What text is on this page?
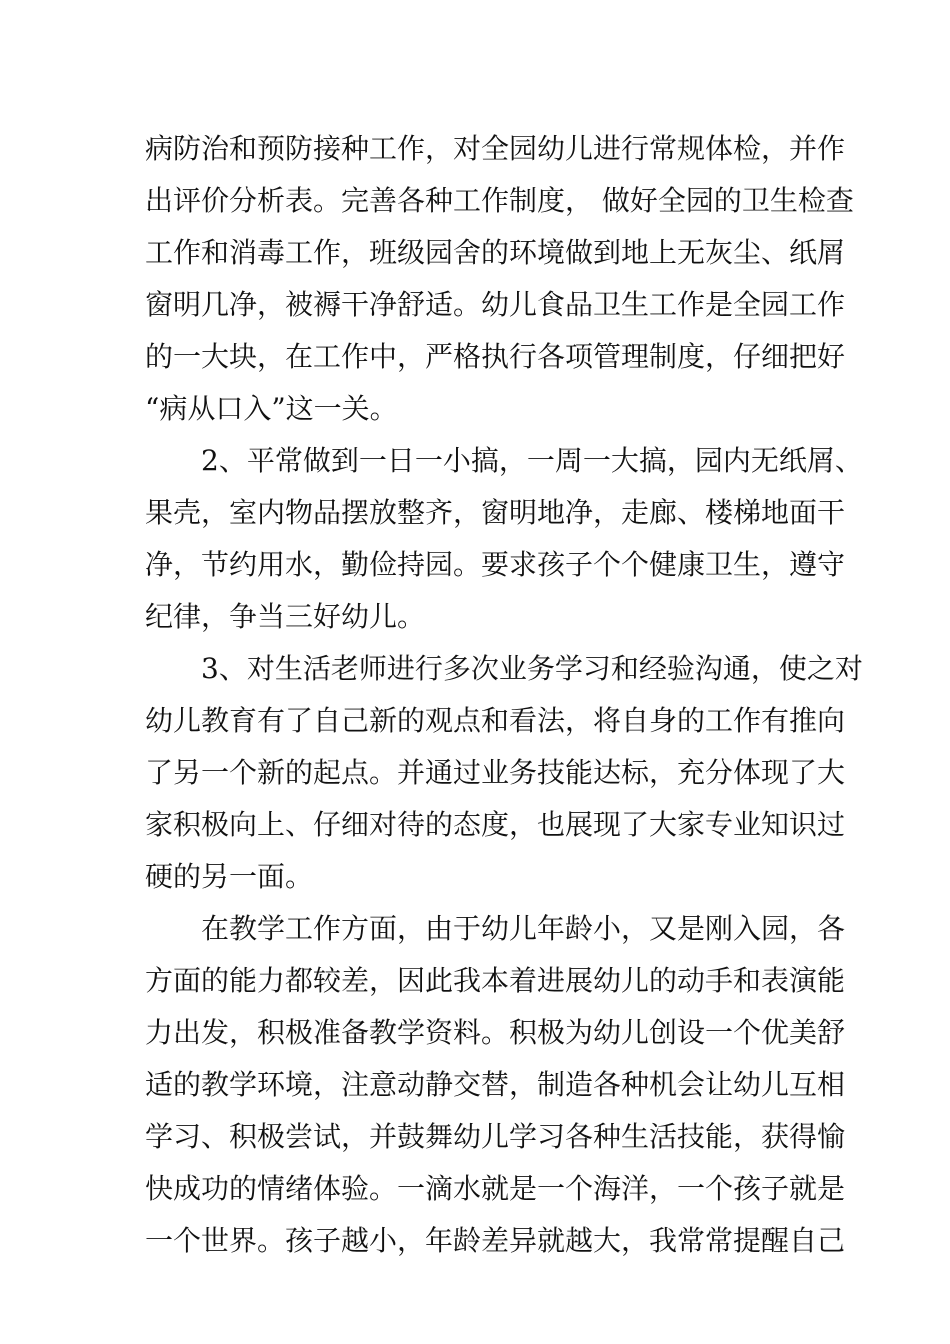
病防治和预防接种工作，对全园幼儿进行常规体检，并作
出评价分析表。完善各种工作制度， 做好全园的卫生检查
工作和消毒工作，班级园舍的环境做到地上无灰尘、纸屑
窗明几净，被褥干净舒适。幼儿食品卫生工作是全园工作
的一大块，在工作中，严格执行各项管理制度，仔细把好
“病从口入”这一关。
2、平常做到一日一小搞，一周一大搞，园内无纸屑、
果壳，室内物品摆放整齐，窗明地净，走廊、楼梯地面干
净，节约用水，勤俭持园。要求孩子个个健康卫生，遵守
纪律，争当三好幼儿。
3、对生活老师进行多次业务学习和经验沟通，使之对
幼儿教育有了自己新的观点和看法，将自身的工作有推向
了另一个新的起点。并通过业务技能达标，充分体现了大
家积极向上、仔细对待的态度，也展现了大家专业知识过
硬的另一面。
在教学工作方面，由于幼儿年龄小，又是刚入园，各
方面的能力都较差，因此我本着进展幼儿的动手和表演能
力出发，积极准备教学资料。积极为幼儿创设一个优美舒
适的教学环境，注意动静交替，制造各种机会让幼儿互相
学习、积极尝试，并鼓舞幼儿学习各种生活技能，获得愉
快成功的情绪体验。一滴水就是一个海洋，一个孩子就是
一个世界。孩子越小，年龄差异就越大，我常常提醒自己
